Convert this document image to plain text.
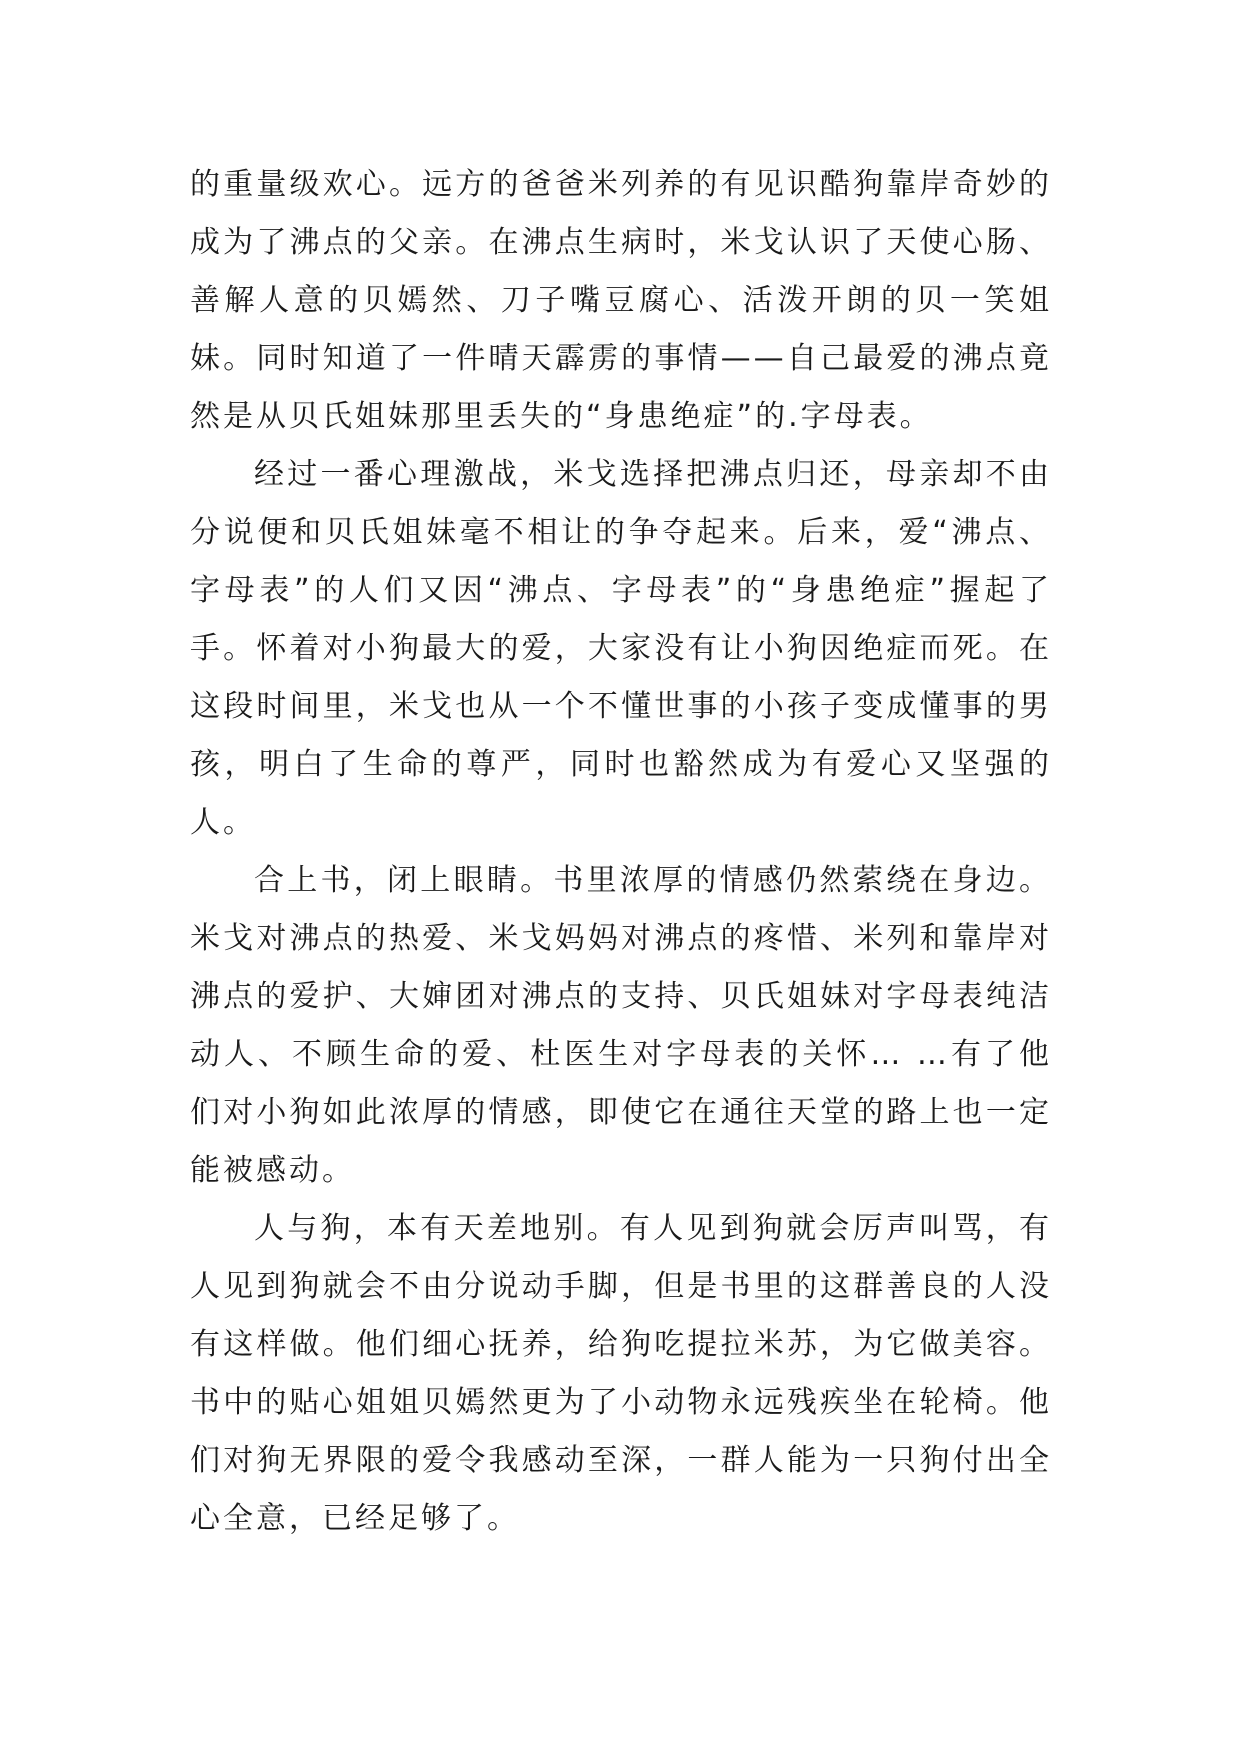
的重量级欢心。远方的爸爸米列养的有见识酷狗靠岸奇妙的成为了沸点的父亲。在沸点生病时，米戈认识了天使心肠、善解人意的贝嫣然、刀子嘴豆腐心、活泼开朗的贝一笑姐妹。同时知道了一件晴天霹雳的事情——自己最爱的沸点竟然是从贝氏姐妹那里丢失的“身患绝症”的.字母表。

经过一番心理激战，米戈选择把沸点归还，母亲却不由分说便和贝氏姐妹毫不相让的争夺起来。后来，爱“沸点、字母表”的人们又因“沸点、字母表”的“身患绝症”握起了手。怀着对小狗最大的爱，大家没有让小狗因绝症而死。在这段时间里，米戈也从一个不懂世事的小孩子变成懂事的男孩，明白了生命的尊严，同时也豁然成为有爱心又坚强的人。

合上书，闭上眼睛。书里浓厚的情感仍然萦绕在身边。米戈对沸点的热爱、米戈妈妈对沸点的疼惜、米列和靠岸对沸点的爱护、大婶团对沸点的支持、贝氏姐妹对字母表纯洁动人、不顾生命的爱、杜医生对字母表的关怀… …有了他们对小狗如此浓厚的情感，即使它在通往天堂的路上也一定能被感动。

人与狗，本有天差地别。有人见到狗就会厉声叫骂，有人见到狗就会不由分说动手脚，但是书里的这群善良的人没有这样做。他们细心抚养，给狗吃提拉米苏，为它做美容。书中的贴心姐姐贝嫣然更为了小动物永远残疾坐在轮椅。他们对狗无界限的爱令我感动至深，一群人能为一只狗付出全心全意，已经足够了。
